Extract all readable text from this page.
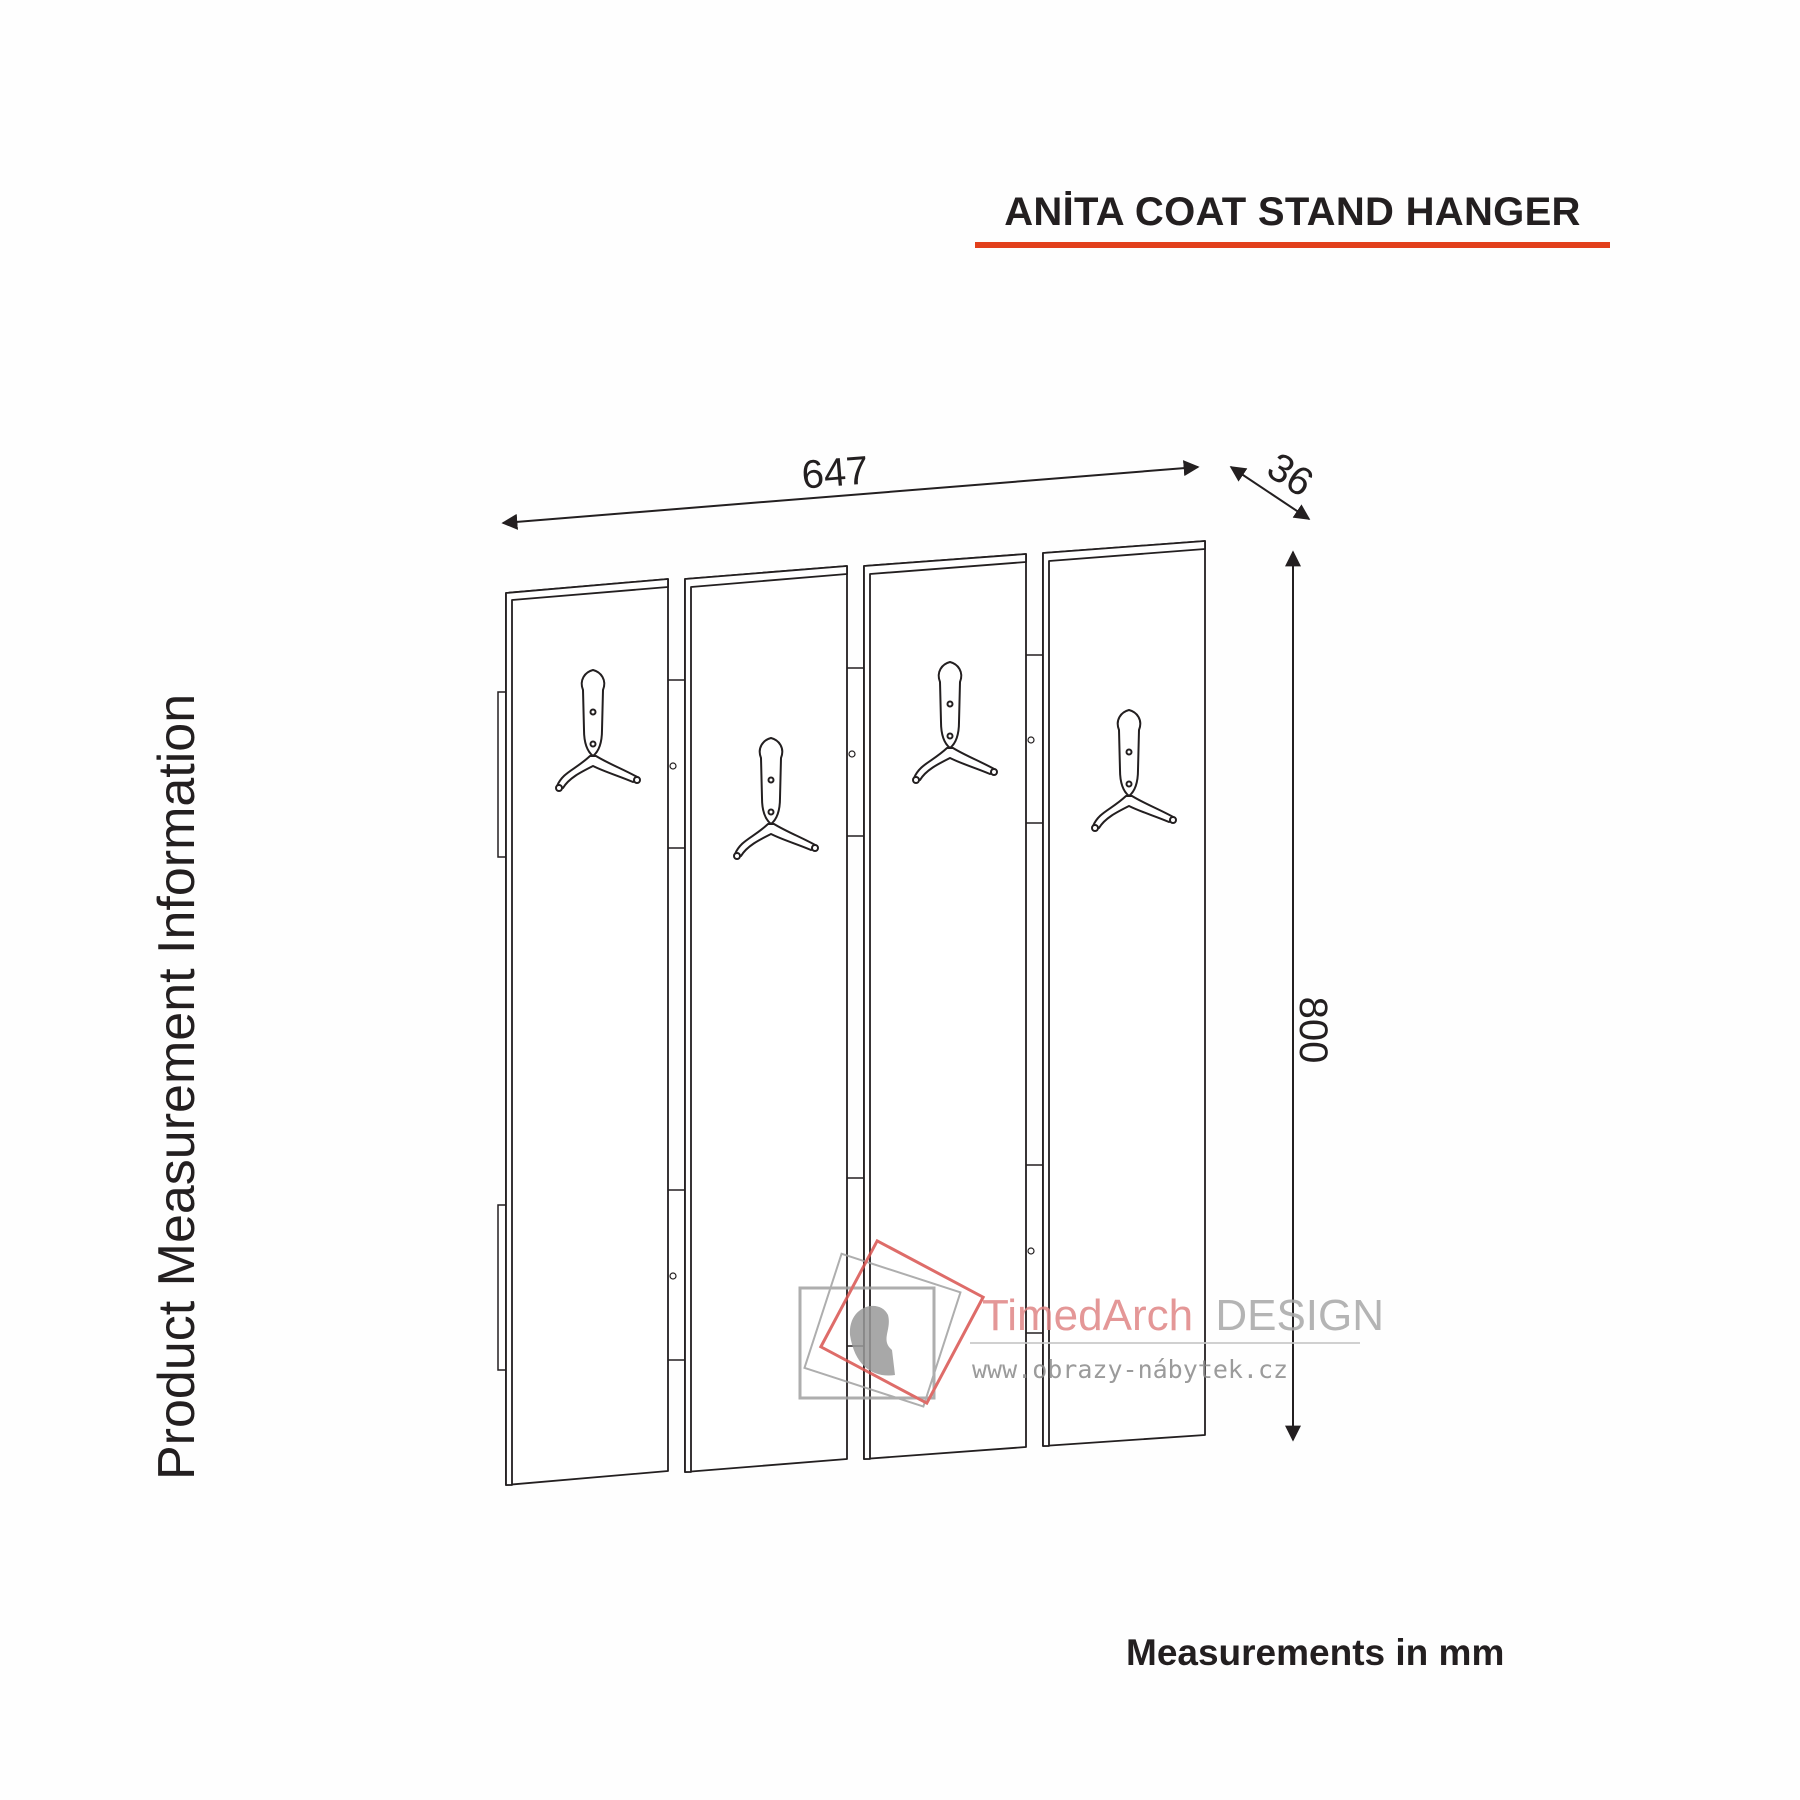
647	36
800
TimedArch DESIGN
www.obrazy-nábytek.cz
ANİTA COAT STAND HANGER
Product Measurement Information
Measurements in mm
